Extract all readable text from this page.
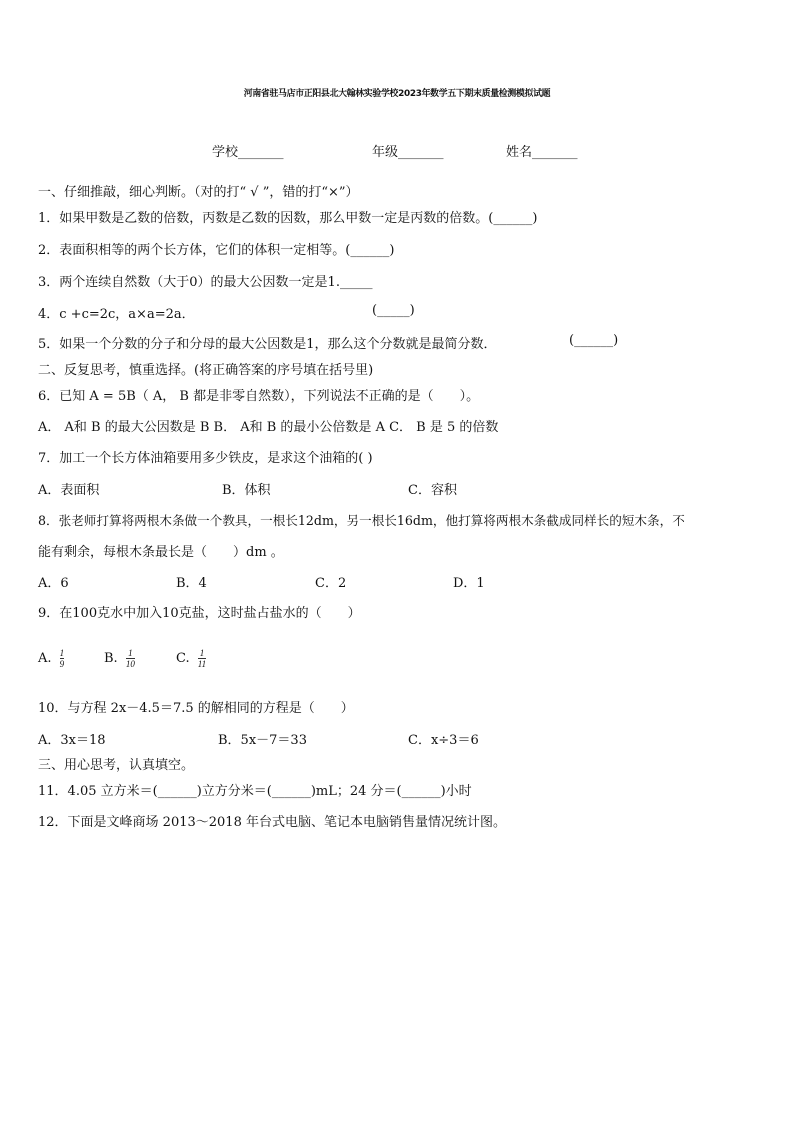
河南省驻马店市正阳县北大翰林实验学校2023年数学五下期末质量检测模拟试题
学校_______	年级_______	姓名_______
一、仔细推敲，细心判断。（对的打“ √ ”，错的打“×”）
1．如果甲数是乙数的倍数，丙数是乙数的因数，那么甲数一定是丙数的倍数。(______)
2．表面积相等的两个长方体，它们的体积一定相等。(______)
3．两个连续自然数（大于0）的最大公因数一定是1._____
4．c +c=2c，a×a=2a．	(_____)
5．如果一个分数的分子和分母的最大公因数是1，那么这个分数就是最简分数．	(______)
二、反复思考，慎重选择。(将正确答案的序号填在括号里)
6．已知 A = 5B（ A， B 都是非零自然数），下列说法不正确的是（　　）。
A． A和 B 的最大公因数是 B B． A和 B 的最小公倍数是 A C． B 是 5 的倍数
7．加工一个长方体油箱要用多少铁皮，是求这个油箱的( )
A．表面积	B．体积	C．容积
8．张老师打算将两根木条做一个教具，一根长12dm，另一根长16dm，他打算将两根木条截成同样长的短木条，不
能有剩余，每根木条最长是（　　）dm 。
A．6	B．4	C．2	D．1
9．在100克水中加入10克盐，这时盐占盐水的（　　）
A. $\frac{1}{9}$	B. $\frac{1}{10}$	C. $\frac{1}{11}$
10．与方程 2x－4.5＝7.5 的解相同的方程是（　　）
A．3x＝18	B．5x－7＝33	C．x÷3＝6
三、用心思考，认真填空。
11．4.05 立方米＝(______)立方分米＝(______)mL；24 分＝(______)小时
12．下面是文峰商场 2013～2018 年台式电脑、笔记本电脑销售量情况统计图。
